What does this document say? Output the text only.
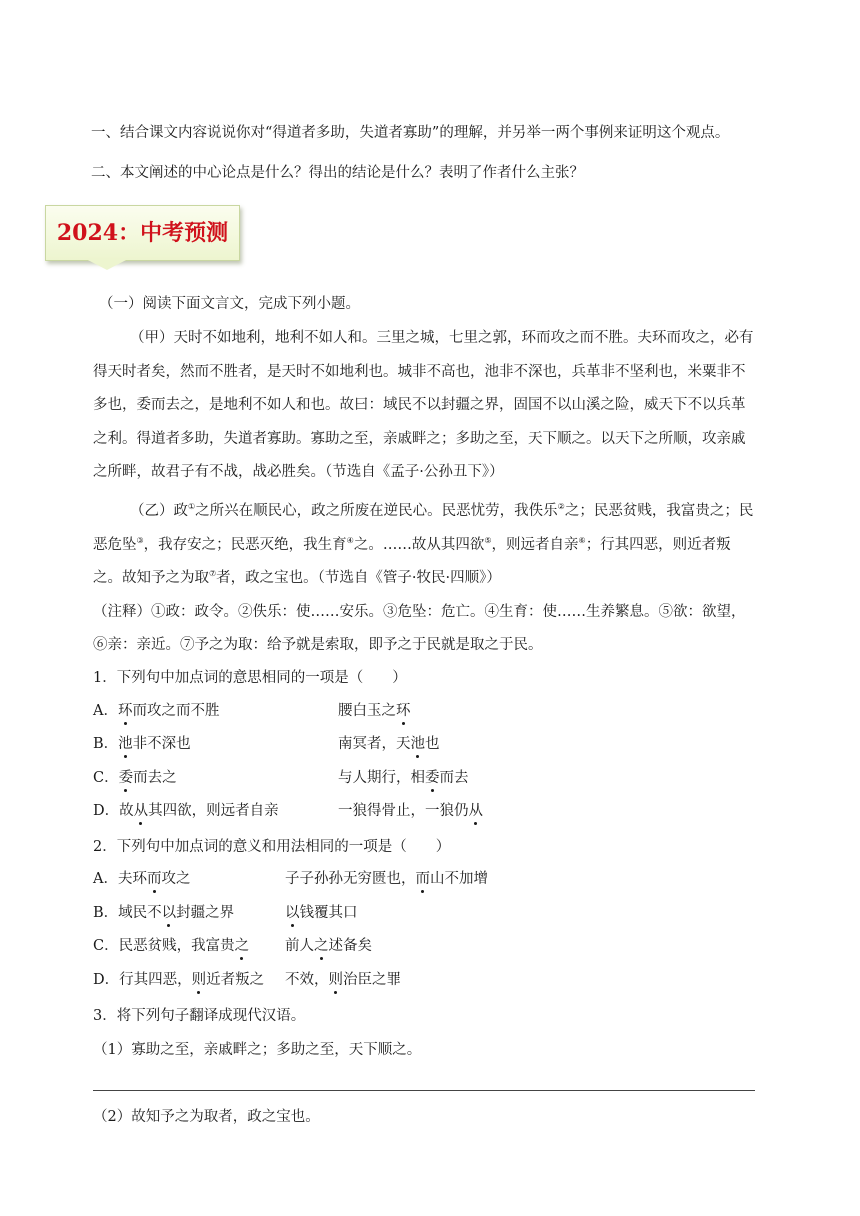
一、结合课文内容说说你对“得道者多助，失道者寡助”的理解，并另举一两个事例来证明这个观点。
二、本文阐述的中心论点是什么？得出的结论是什么？表明了作者什么主张？
2024：中考预测
（一）阅读下面文言文，完成下列小题。
（甲）天时不如地利，地利不如人和。三里之城，七里之郭，环而攻之而不胜。夫环而攻之，必有得天时者矣，然而不胜者，是天时不如地利也。城非不高也，池非不深也，兵革非不坚利也，米粟非不多也，委而去之，是地利不如人和也。故曰：域民不以封疆之界，固国不以山溪之险，威天下不以兵革之利。得道者多助，失道者寡助。寡助之至，亲戚畔之；多助之至，天下顺之。以天下之所顺，攻亲戚之所畔，故君子有不战，战必胜矣。（节选自《孟子·公孙丑下》）
（乙）政①之所兴在顺民心，政之所废在逆民心。民恶忧劳，我佚乐②之；民恶贫贱，我富贵之；民恶危坠③，我存安之；民恶灭绝，我生育④之。……故从其四欲⑤，则远者自亲⑥；行其四恶，则近者叛之。故知予之为取⑦者，政之宝也。（节选自《管子·牧民·四顺》）
（注释）①政：政令。②佚乐：使……安乐。③危坠：危亡。④生育：使……生养繁息。⑤欲：欲望，
⑥亲：亲近。⑦予之为取：给予就是索取，即予之于民就是取之于民。
1．下列句中加点词的意思相同的一项是（　　）
A．环而攻之而不胜	腰白玉之环
B．池非不深也	南冥者，天池也
C．委而去之	与人期行，相委而去
D．故从其四欲，则远者自亲	一狼得骨止，一狼仍从
2．下列句中加点词的意义和用法相同的一项是（　　）
A．夫环而攻之	子子孙孙无穷匮也，而山不加增
B．域民不以封疆之界	以钱覆其口
C．民恶贫贱，我富贵之 前人之述备矣
D．行其四恶，则近者叛之 不效，则治臣之罪
3．将下列句子翻译成现代汉语。
（1）寡助之至，亲戚畔之；多助之至，天下顺之。
（2）故知予之为取者，政之宝也。
